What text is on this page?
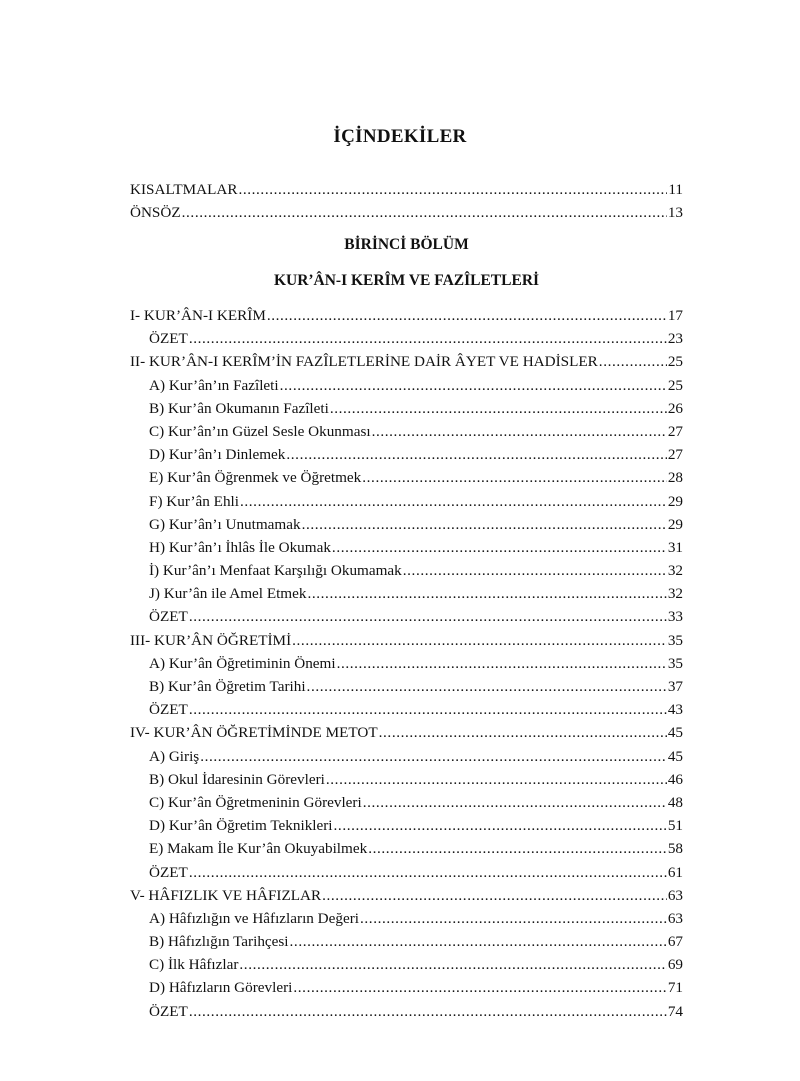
İÇİNDEKİLER
KISALTMALAR .....	11
ÖNSÖZ .....	13
BİRİNCİ BÖLÜM
KUR’ÂN-I KERÎM VE FAZÎLETLERİ
I- KUR’ÂN-I KERÎM .....	17
ÖZET .....	23
II- KUR’ÂN-I KERÎM’İN FAZÎLETLERİNE DAİR ÂYET VE HADİSLER .....	25
A) Kur’ân’ın Fazîleti .....	25
B) Kur’ân Okumanın Fazîleti .....	26
C) Kur’ân’ın Güzel Sesle Okunması .....	27
D) Kur’ân’ı Dinlemek .....	27
E) Kur’ân Öğrenmek ve Öğretmek .....	28
F) Kur’ân Ehli .....	29
G) Kur’ân’ı Unutmamak .....	29
H) Kur’ân’ı İhlâs İle Okumak .....	31
İ) Kur’ân’ı Menfaat Karşılığı Okumamak .....	32
J) Kur’ân ile Amel Etmek .....	32
ÖZET .....	33
III- KUR’ÂN ÖĞRETİMİ .....	35
A) Kur’ân Öğretiminin Önemi .....	35
B) Kur’ân Öğretim Tarihi .....	37
ÖZET .....	43
IV- KUR’ÂN ÖĞRETİMİNDE METOT .....	45
A) Giriş .....	45
B) Okul İdaresinin Görevleri .....	46
C) Kur’ân Öğretmeninin Görevleri .....	48
D) Kur’ân Öğretim Teknikleri .....	51
E) Makam İle Kur’ân Okuyabilmek .....	58
ÖZET .....	61
V- HÂFIZLIK VE HÂFIZLAR .....	63
A) Hâfızlığın ve Hâfızların Değeri .....	63
B) Hâfızlığın Tarihçesi .....	67
C) İlk Hâfızlar .....	69
D) Hâfızların Görevleri .....	71
ÖZET .....	74
